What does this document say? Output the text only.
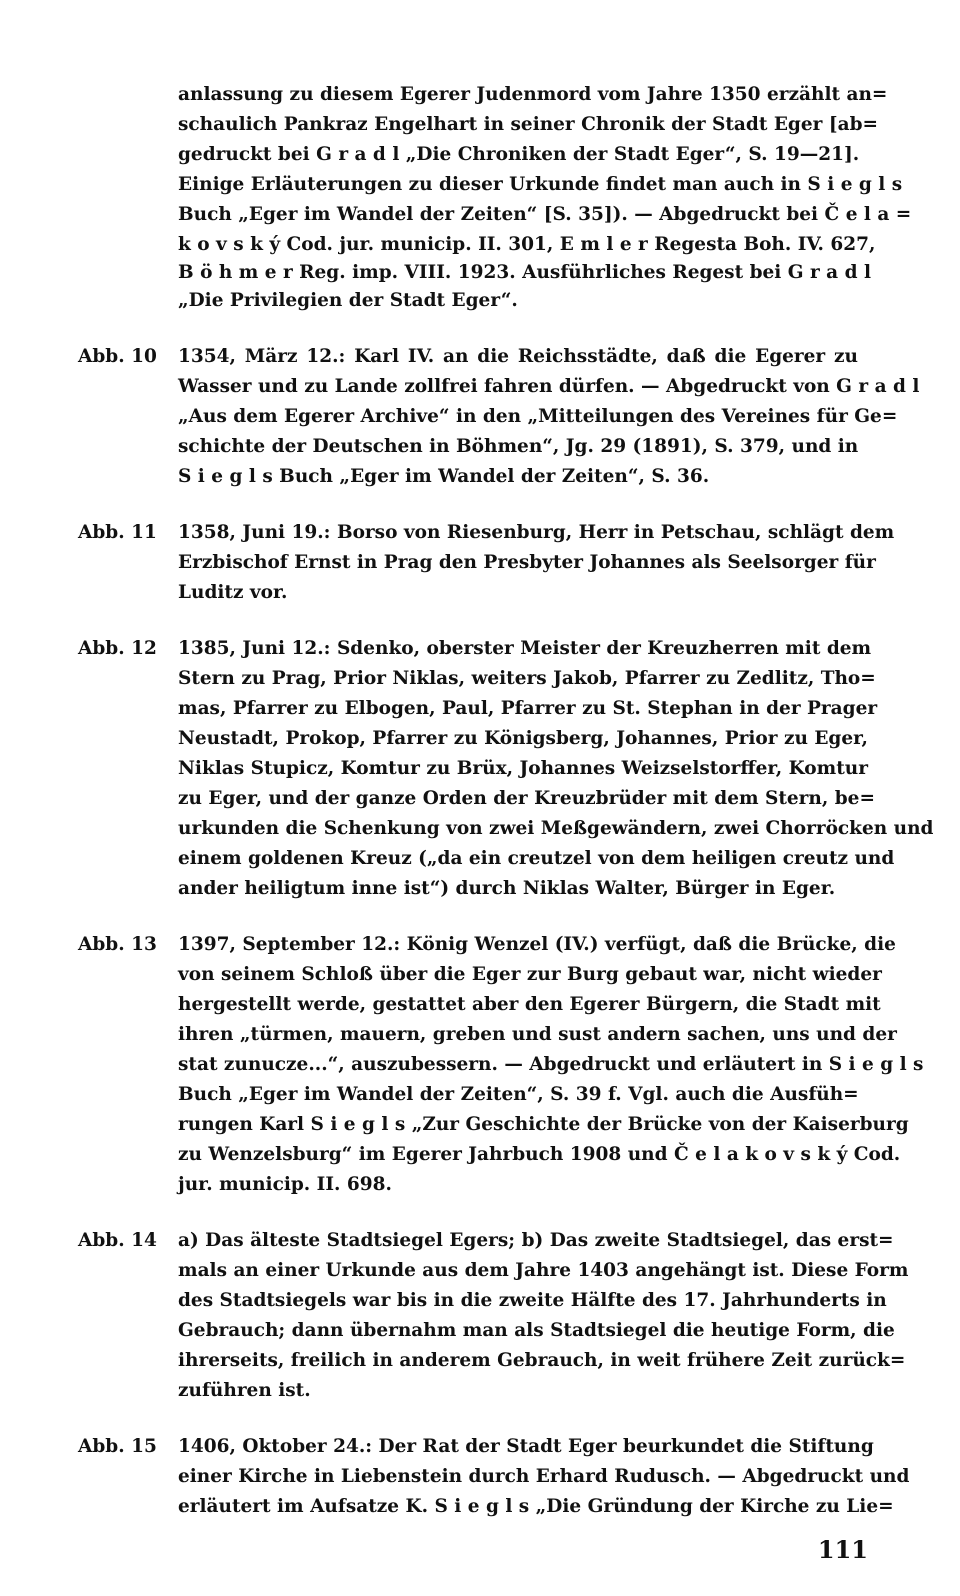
anlassung zu diesem Egerer Judenmord vom Jahre 1350 erzählt an=
schaulich Pankraz Engelhart in seiner Chronik der Stadt Eger [ab=
gedruckt bei G r a d l „Die Chroniken der Stadt Eger“, S. 19—21].
Einige Erläuterungen zu dieser Urkunde findet man auch in S i e g l s
Buch „Eger im Wandel der Zeiten“ [S. 35]). — Abgedruckt bei Č e l a =
k o v s k ý Cod. jur. municip. II. 301, E m l e r Regesta Boh. IV. 627,
B ö h m e r Reg. imp. VIII. 1923. Ausführliches Regest bei G r a d l
„Die Privilegien der Stadt Eger“.
Abb. 10	1354, März 12.: Karl IV. an die Reichsstädte, daß die Egerer zu
Wasser und zu Lande zollfrei fahren dürfen. — Abgedruckt von G r a d l
„Aus dem Egerer Archive“ in den „Mitteilungen des Vereines für Ge=
schichte der Deutschen in Böhmen“, Jg. 29 (1891), S. 379, und in
S i e g l s Buch „Eger im Wandel der Zeiten“, S. 36.
Abb. 11	1358, Juni 19.: Borso von Riesenburg, Herr in Petschau, schlägt dem
Erzbischof Ernst in Prag den Presbyter Johannes als Seelsorger für
Luditz vor.
Abb. 12	1385, Juni 12.: Sdenko, oberster Meister der Kreuzherren mit dem
Stern zu Prag, Prior Niklas, weiters Jakob, Pfarrer zu Zedlitz, Tho=
mas, Pfarrer zu Elbogen, Paul, Pfarrer zu St. Stephan in der Prager
Neustadt, Prokop, Pfarrer zu Königsberg, Johannes, Prior zu Eger,
Niklas Stupicz, Komtur zu Brüx, Johannes Weizselstorffer, Komtur
zu Eger, und der ganze Orden der Kreuzbrüder mit dem Stern, be=
urkunden die Schenkung von zwei Meßgewändern, zwei Chorröcken und
einem goldenen Kreuz („da ein creutzel von dem heiligen creutz und
ander heiligtum inne ist“) durch Niklas Walter, Bürger in Eger.
Abb. 13	1397, September 12.: König Wenzel (IV.) verfügt, daß die Brücke, die
von seinem Schloß über die Eger zur Burg gebaut war, nicht wieder
hergestellt werde, gestattet aber den Egerer Bürgern, die Stadt mit
ihren „türmen, mauern, greben und sust andern sachen, uns und der
stat zunucze...“, auszubessern. — Abgedruckt und erläutert in S i e g l s
Buch „Eger im Wandel der Zeiten“, S. 39 f. Vgl. auch die Ausfüh=
rungen Karl S i e g l s „Zur Geschichte der Brücke von der Kaiserburg
zu Wenzelsburg“ im Egerer Jahrbuch 1908 und Č e l a k o v s k ý Cod.
jur. municip. II. 698.
Abb. 14	a) Das älteste Stadtsiegel Egers; b) Das zweite Stadtsiegel, das erst=
mals an einer Urkunde aus dem Jahre 1403 angehängt ist. Diese Form
des Stadtsiegels war bis in die zweite Hälfte des 17. Jahrhunderts in
Gebrauch; dann übernahm man als Stadtsiegel die heutige Form, die
ihrerseits, freilich in anderem Gebrauch, in weit frühere Zeit zurück=
zuführen ist.
Abb. 15	1406, Oktober 24.: Der Rat der Stadt Eger beurkundet die Stiftung
einer Kirche in Liebenstein durch Erhard Rudusch. — Abgedruckt und
erläutert im Aufsatze K. S i e g l s „Die Gründung der Kirche zu Lie=
111
